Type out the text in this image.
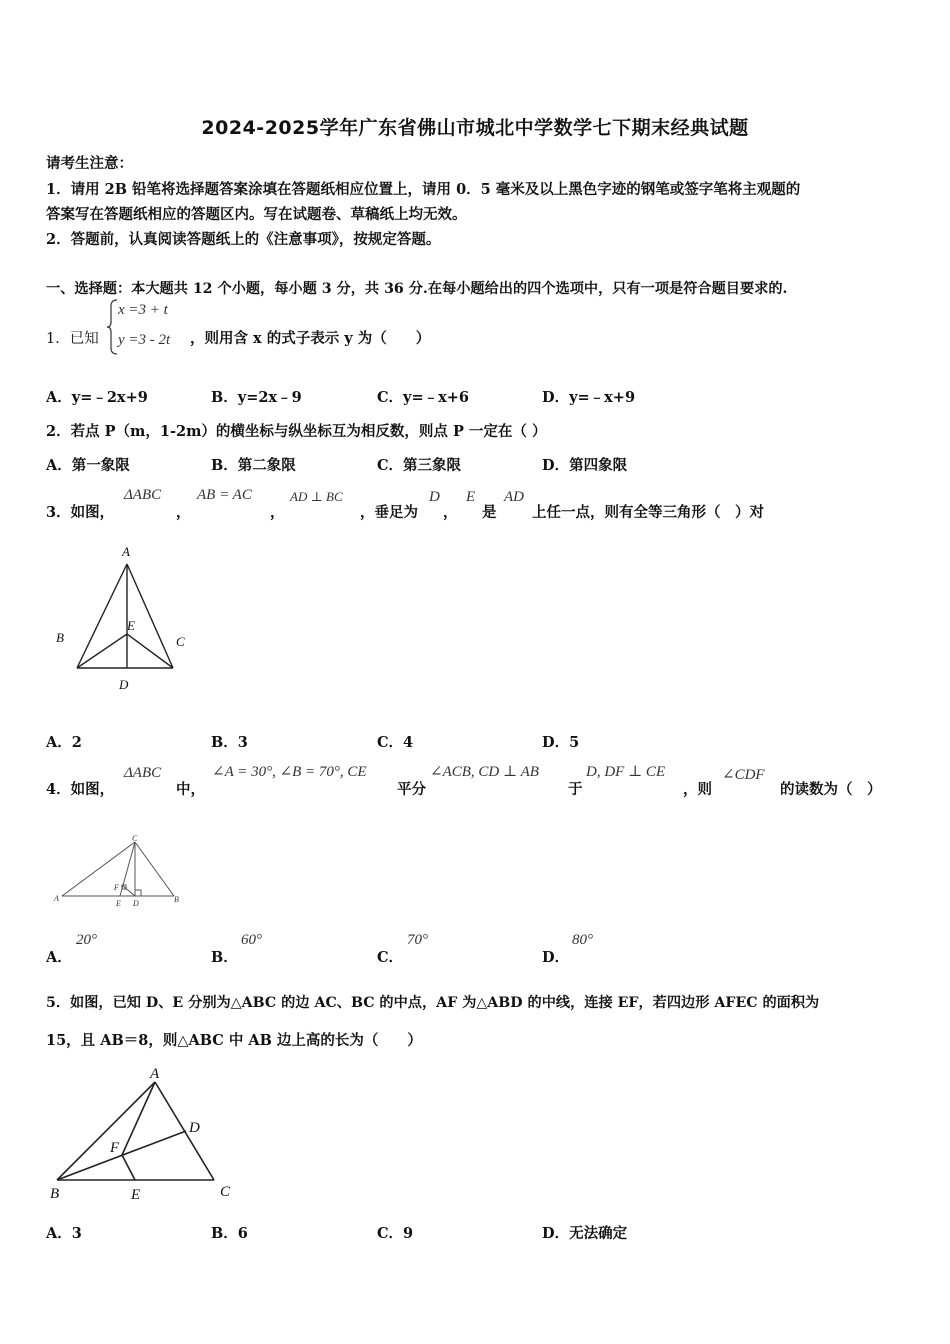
2024-2025学年广东省佛山市城北中学数学七下期末经典试题
请考生注意：
1．请用 2B 铅笔将选择题答案涂填在答题纸相应位置上，请用 0．5 毫米及以上黑色字迹的钢笔或签字笔将主观题的
答案写在答题纸相应的答题区内。写在试题卷、草稿纸上均无效。
2．答题前，认真阅读答题纸上的《注意事项》，按规定答题。
一、选择题：本大题共 12 个小题，每小题 3 分，共 36 分.在每小题给出的四个选项中，只有一项是符合题目要求的.
1．已知
x =3 + t
y =3 - 2t ，则用含 x 的式子表示 y 为（　　）
A．y=﹣2x+9	B．y=2x﹣9	C．y=﹣x+6	D．y=﹣x+9
2．若点 P（m，1-2m）的横坐标与纵坐标互为相反数，则点 P 一定在（ ）
A．第一象限	B．第二象限	C．第三象限	D．第四象限
3．如图，
ΔABC
，
AB = AC
，
AD ⊥ BC
，垂足为
D
，
E
是
AD
上任一点，则有全等三角形（　）对
A
B	C
D
E
A．2	B．3	C．4	D．5
4．如图，
ΔABC
中，
∠A = 30°, ∠B = 70°, CE
平分
∠ACB, CD ⊥ AB
于
D, DF ⊥ CE
，则
∠CDF
的读数为（　）
A	B
C
D
E
F
A．
20°
B．
60°
C．
70°
D．
80°
5．如图，已知 D、E 分别为△ABC 的边 AC、BC 的中点，AF 为△ABD 的中线，连接 EF，若四边形 AFEC 的面积为
15，且 AB＝8，则△ABC 中 AB 边上高的长为（　　）
A
B	C
D
E
F
A．3	B．6	C．9	D．无法确定
